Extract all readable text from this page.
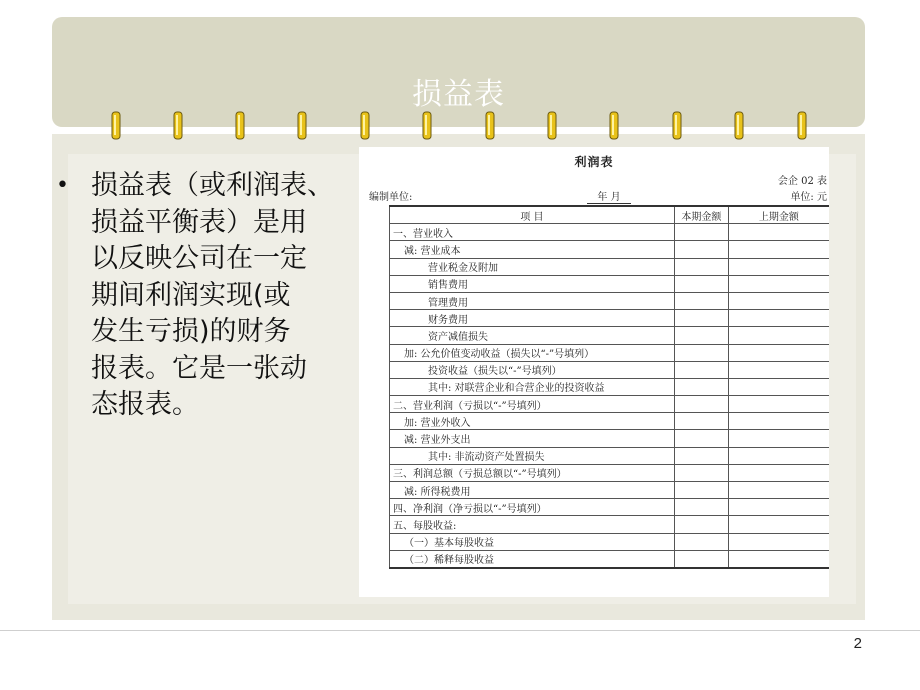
损益表
• 损益表（或利润表、
损益平衡表）是用
以反映公司在一定
期间利润实现(或
发生亏损)的财务
报表。它是一张动
态报表。
利润表
会企 02 表
编制单位:	年 月	单位: 元
项 目	本期金额	上期金额
一、营业收入		
减: 营业成本		
营业税金及附加		
销售费用		
管理费用		
财务费用		
资产减值损失		
加: 公允价值变动收益（损失以“-”号填列）		
投资收益（损失以“-”号填列）		
其中: 对联营企业和合营企业的投资收益		
二、营业利润（亏损以“-”号填列）		
加: 营业外收入		
减: 营业外支出		
其中: 非流动资产处置损失		
三、利润总额（亏损总额以“-”号填列）		
减: 所得税费用		
四、净利润（净亏损以“-”号填列）		
五、每股收益:		
（一）基本每股收益		
（二）稀释每股收益		
2
